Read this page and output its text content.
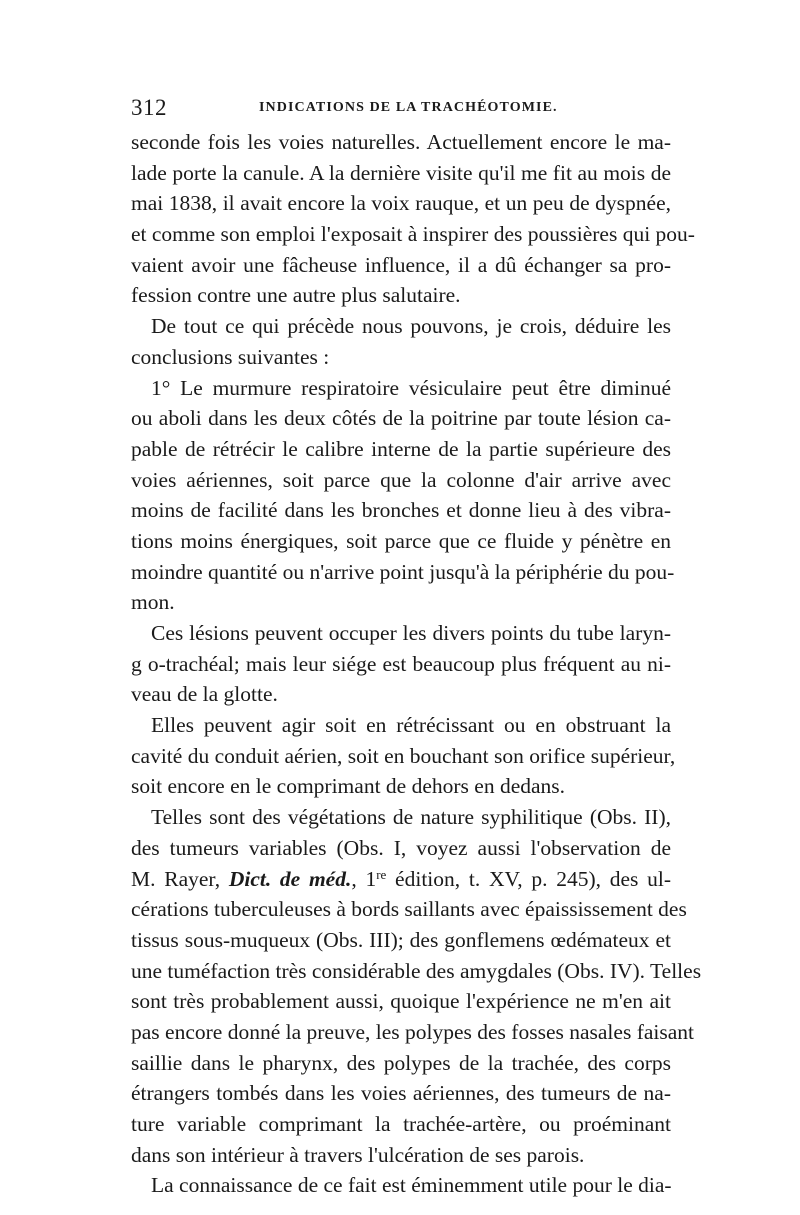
312	INDICATIONS DE LA TRACHÉOTOMIE.
seconde fois les voies naturelles. Actuellement encore le ma-
lade porte la canule. A la dernière visite qu'il me fit au mois de
mai 1838, il avait encore la voix rauque, et un peu de dyspnée,
et comme son emploi l'exposait à inspirer des poussières qui pou-
vaient avoir une fâcheuse influence, il a dû échanger sa pro-
fession contre une autre plus salutaire.
De tout ce qui précède nous pouvons, je crois, déduire les
conclusions suivantes :
1° Le murmure respiratoire vésiculaire peut être diminué
ou aboli dans les deux côtés de la poitrine par toute lésion ca-
pable de rétrécir le calibre interne de la partie supérieure des
voies aériennes, soit parce que la colonne d'air arrive avec
moins de facilité dans les bronches et donne lieu à des vibra-
tions moins énergiques, soit parce que ce fluide y pénètre en
moindre quantité ou n'arrive point jusqu'à la périphérie du pou-
mon.
Ces lésions peuvent occuper les divers points du tube laryn-
g o-trachéal; mais leur siége est beaucoup plus fréquent au ni-
veau de la glotte.
Elles peuvent agir soit en rétrécissant ou en obstruant la
cavité du conduit aérien, soit en bouchant son orifice supérieur,
soit encore en le comprimant de dehors en dedans.
Telles sont des végétations de nature syphilitique (Obs. II),
des tumeurs variables (Obs. I, voyez aussi l'observation de
M. Rayer, Dict. de méd., 1re édition, t. XV, p. 245), des ul-
cérations tuberculeuses à bords saillants avec épaississement des
tissus sous-muqueux (Obs. III); des gonflemens œdémateux et
une tuméfaction très considérable des amygdales (Obs. IV). Telles
sont très probablement aussi, quoique l'expérience ne m'en ait
pas encore donné la preuve, les polypes des fosses nasales faisant
saillie dans le pharynx, des polypes de la trachée, des corps
étrangers tombés dans les voies aériennes, des tumeurs de na-
ture variable comprimant la trachée-artère, ou proéminant
dans son intérieur à travers l'ulcération de ses parois.
La connaissance de ce fait est éminemment utile pour le dia-
